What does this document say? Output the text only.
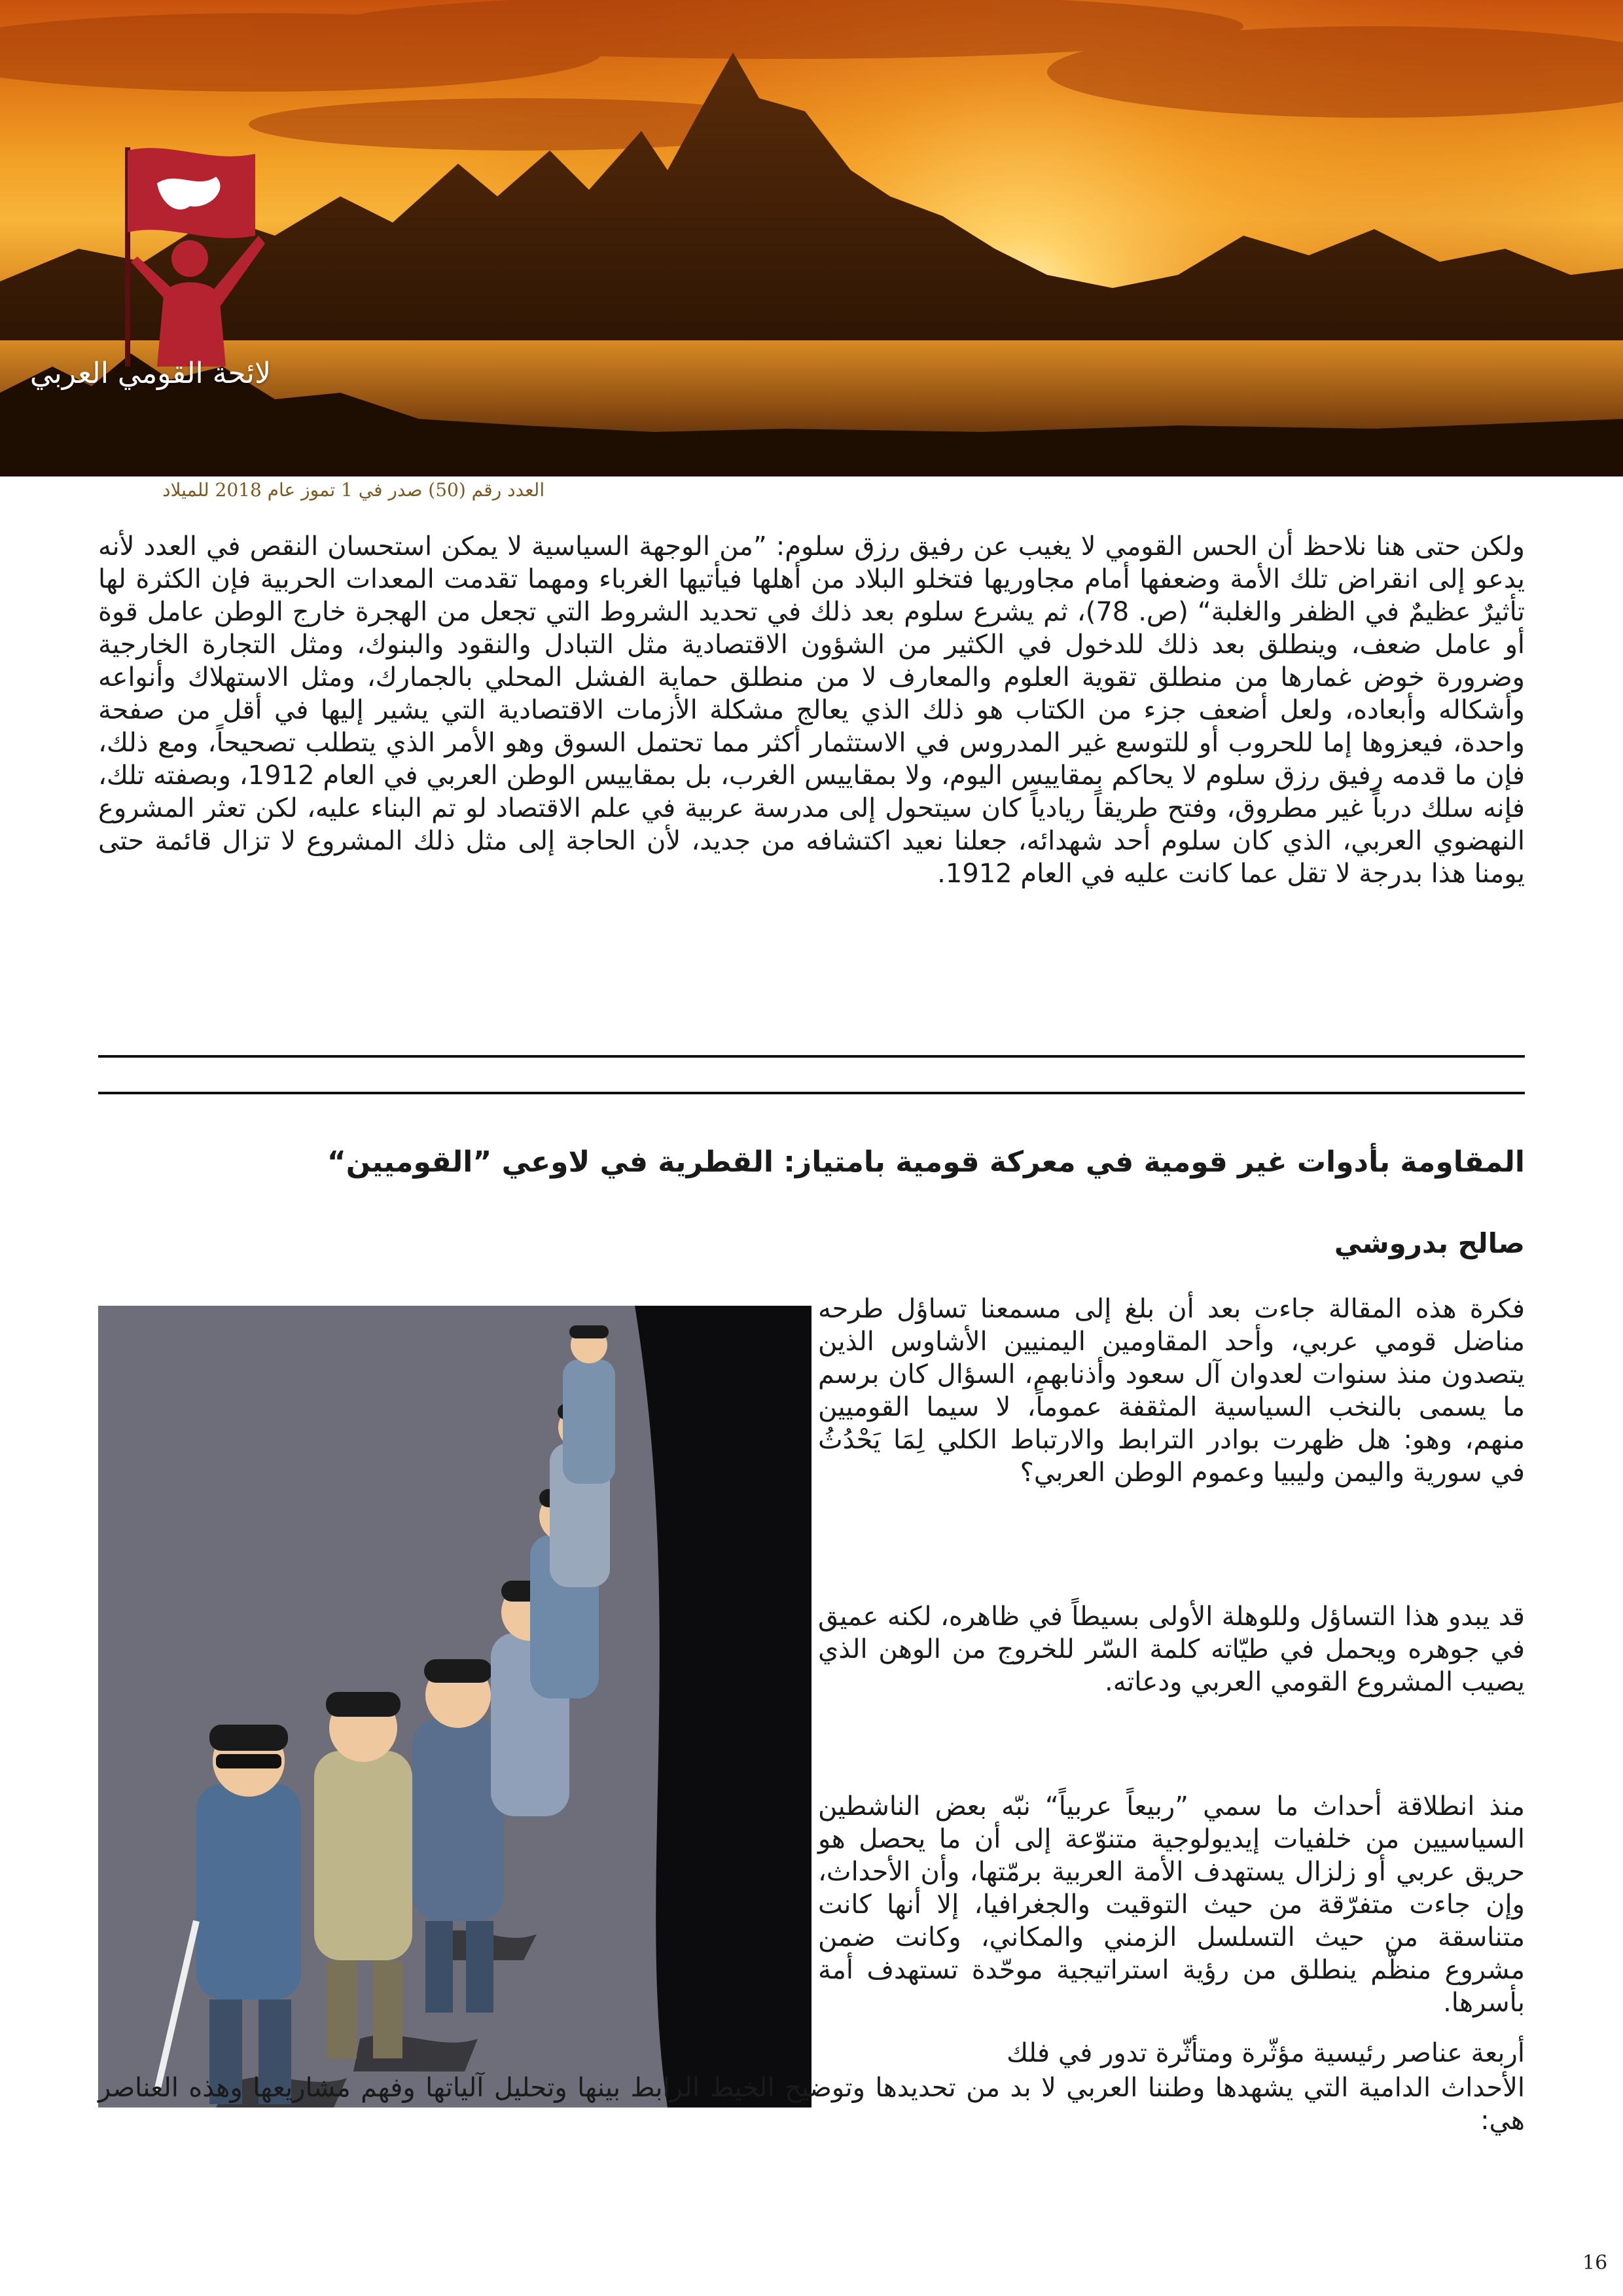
لائحة القومي العربي
العدد رقم (50) صدر في 1 تموز عام 2018 للميلاد
ولكن حتى هنا نلاحظ أن الحس القومي لا يغيب عن رفيق رزق سلوم: ”من الوجهة السياسية لا يمكن استحسان النقص في العدد لأنه يدعو إلى انقراض تلك الأمة وضعفها أمام مجاوريها فتخلو البلاد من أهلها فيأتيها الغرباء ومهما تقدمت المعدات الحربية فإن الكثرة لها تأثيرٌ عظيمٌ في الظفر والغلبة“ (ص. 78)، ثم يشرع سلوم بعد ذلك في تحديد الشروط التي تجعل من الهجرة خارج الوطن عامل قوة أو عامل ضعف، وينطلق بعد ذلك للدخول في الكثير من الشؤون الاقتصادية مثل التبادل والنقود والبنوك، ومثل التجارة الخارجية وضرورة خوض غمارها من منطلق تقوية العلوم والمعارف لا من منطلق حماية الفشل المحلي بالجمارك، ومثل الاستهلاك وأنواعه وأشكاله وأبعاده، ولعل أضعف جزء من الكتاب هو ذلك الذي يعالج مشكلة الأزمات الاقتصادية التي يشير إليها في أقل من صفحة واحدة، فيعزوها إما للحروب أو للتوسع غير المدروس في الاستثمار أكثر مما تحتمل السوق وهو الأمر الذي يتطلب تصحيحاً، ومع ذلك، فإن ما قدمه رفيق رزق سلوم لا يحاكم بمقاييس اليوم، ولا بمقاييس الغرب، بل بمقاييس الوطن العربي في العام 1912، وبصفته تلك، فإنه سلك درباً غير مطروق، وفتح طريقاً ريادياً كان سيتحول إلى مدرسة عربية في علم الاقتصاد لو تم البناء عليه، لكن تعثر المشروع النهضوي العربي، الذي كان سلوم أحد شهدائه، جعلنا نعيد اكتشافه من جديد، لأن الحاجة إلى مثل ذلك المشروع لا تزال قائمة حتى يومنا هذا بدرجة لا تقل عما كانت عليه في العام 1912.
المقاومة بأدوات غير قومية في معركة قومية بامتياز: القطرية في لاوعي ”القوميين“
صالح بدروشي
فكرة هذه المقالة جاءت بعد أن بلغ إلى مسمعنا تساؤل طرحه مناضل قومي عربي، وأحد المقاومين اليمنيين الأشاوس الذين يتصدون منذ سنوات لعدوان آل سعود وأذنابهم، السؤال كان برسم ما يسمى بالنخب السياسية المثقفة عموماً، لا سيما القوميين منهم، وهو: هل ظهرت بوادر الترابط والارتباط الكلي لِمَا يَحْدُثُ في سورية واليمن وليبيا وعموم الوطن العربي؟
قد يبدو هذا التساؤل وللوهلة الأولى بسيطاً في ظاهره، لكنه عميق في جوهره ويحمل في طيّاته كلمة السّر للخروج من الوهن الذي يصيب المشروع القومي العربي ودعاته.
منذ انطلاقة أحداث ما سمي ”ربيعاً عربياً“ نبّه بعض الناشطين السياسيين من خلفيات إيديولوجية متنوّعة إلى أن ما يحصل هو حريق عربي أو زلزال يستهدف الأمة العربية برمّتها، وأن الأحداث، وإن جاءت متفرّقة من حيث التوقيت والجغرافيا، إلا أنها كانت متناسقة من حيث التسلسل الزمني والمكاني، وكانت ضمن مشروع منظّم ينطلق من رؤية استراتيجية موحّدة تستهدف أمة بأسرها.
أربعة عناصر رئيسية مؤثّرة ومتأثّرة تدور في فلك
الأحداث الدامية التي يشهدها وطننا العربي لا بد من تحديدها وتوضيح الخيط الرابط بينها وتحليل آلياتها وفهم مشاريعها وهذه العناصر هي:
16
